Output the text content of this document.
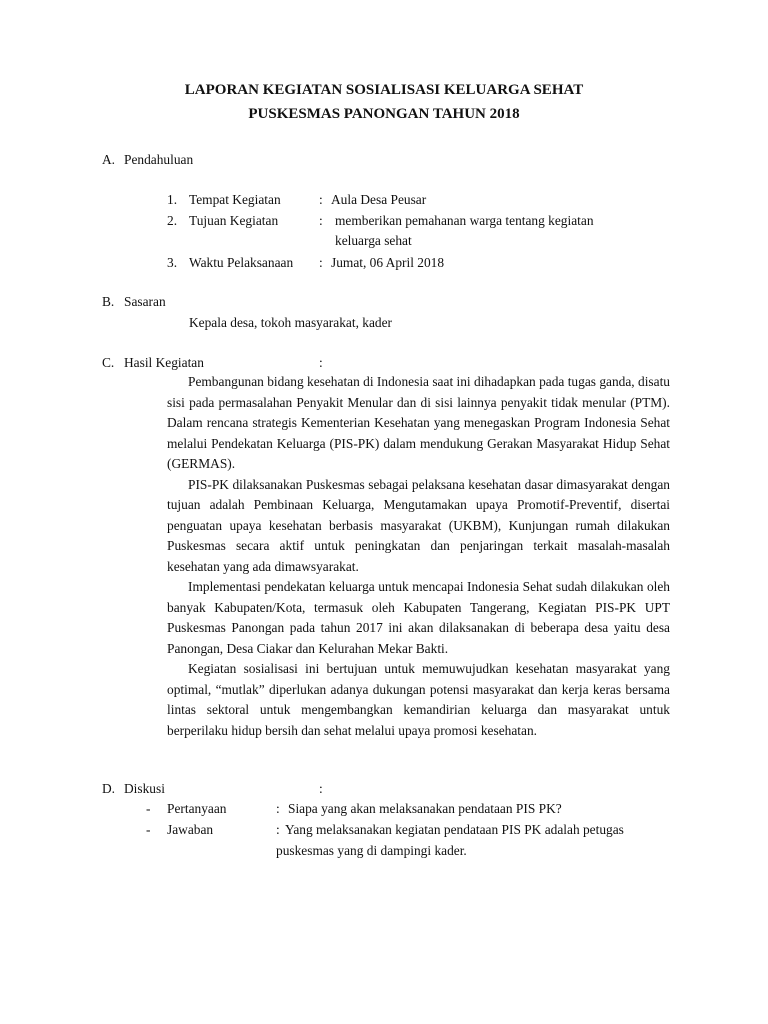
LAPORAN KEGIATAN SOSIALISASI KELUARGA SEHAT
PUSKESMAS PANONGAN TAHUN 2018
A. Pendahuluan
1. Tempat Kegiatan	: Aula Desa Peusar
2. Tujuan Kegiatan	: memberikan pemahanan warga tentang kegiatan
keluarga sehat
3. Waktu Pelaksanaan : Jumat, 06 April 2018
B. Sasaran
Kepala desa, tokoh masyarakat, kader
C. Hasil Kegiatan	:

Pembangunan bidang kesehatan di Indonesia saat ini dihadapkan pada tugas ganda, disatu sisi pada permasalahan Penyakit Menular dan di sisi lainnya penyakit tidak menular (PTM). Dalam rencana strategis Kementerian Kesehatan yang menegaskan Program Indonesia Sehat melalui Pendekatan Keluarga (PIS-PK) dalam mendukung Gerakan Masyarakat Hidup Sehat (GERMAS).

PIS-PK dilaksanakan Puskesmas sebagai pelaksana kesehatan dasar dimasyarakat dengan tujuan adalah Pembinaan Keluarga, Mengutamakan upaya Promotif-Preventif, disertai penguatan upaya kesehatan berbasis masyarakat (UKBM), Kunjungan rumah dilakukan Puskesmas secara aktif untuk peningkatan dan penjaringan terkait masalah-masalah kesehatan yang ada dimawsyarakat.

Implementasi pendekatan keluarga untuk mencapai Indonesia Sehat sudah dilakukan oleh banyak Kabupaten/Kota, termasuk oleh Kabupaten Tangerang, Kegiatan PIS-PK UPT Puskesmas Panongan pada tahun 2017 ini akan dilaksanakan di beberapa desa yaitu desa Panongan, Desa Ciakar dan Kelurahan Mekar Bakti.

Kegiatan sosialisasi ini bertujuan untuk memuwujudkan kesehatan masyarakat yang optimal, “mutlak” diperlukan adanya dukungan potensi masyarakat dan kerja keras bersama lintas sektoral untuk mengembangkan kemandirian keluarga dan masyarakat untuk berperilaku hidup bersih dan sehat melalui upaya promosi kesehatan.

D. Diskusi	:
- Pertanyaan	: Siapa yang akan melaksanakan pendataan PIS PK?
- Jawaban	: Yang melaksanakan kegiatan pendataan PIS PK adalah petugas
puskesmas yang di dampingi kader.
